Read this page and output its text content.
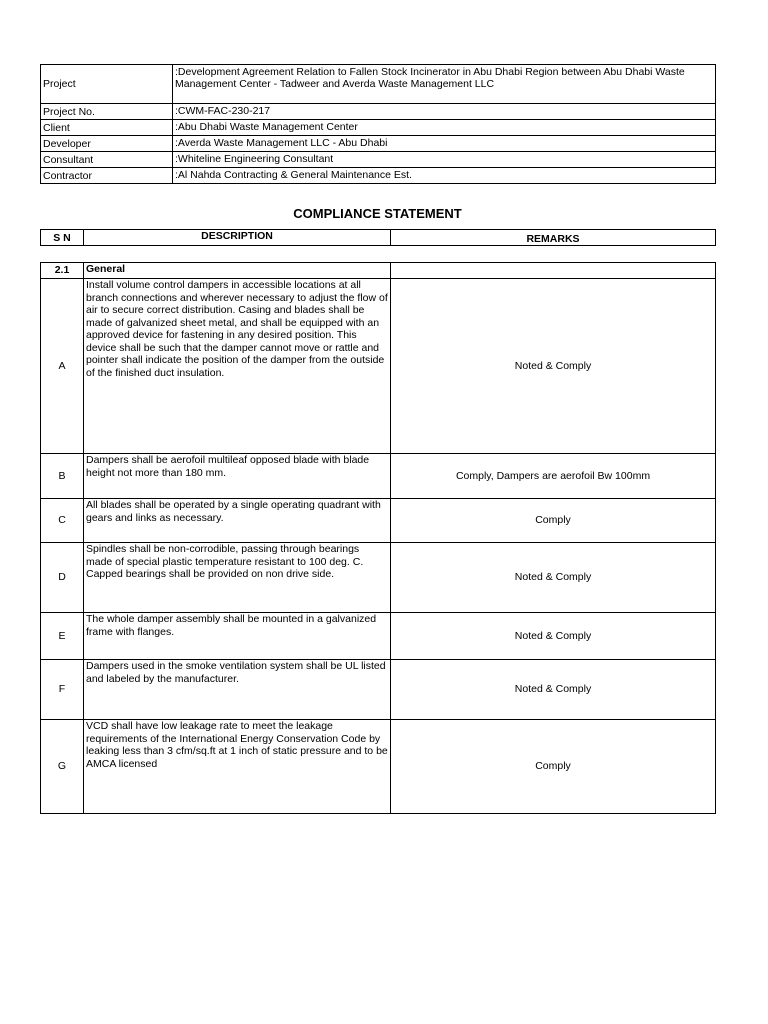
Project	:Development Agreement Relation to Fallen Stock Incinerator in Abu Dhabi Region between Abu Dhabi Waste Management Center - Tadweer and Averda Waste Management LLC
Project No.	:CWM-FAC-230-217
Client	:Abu Dhabi Waste Management Center
Developer	:Averda Waste Management LLC - Abu Dhabi
Consultant	:Whiteline Engineering Consultant
Contractor	:Al Nahda Contracting & General Maintenance Est.
COMPLIANCE STATEMENT
S N	DESCRIPTION	REMARKS
2.1	General	
A	Install volume control dampers in accessible locations at all branch connections and wherever necessary to adjust the flow of air to secure correct distribution. Casing and blades shall be made of galvanized sheet metal, and shall be equipped with an approved device for fastening in any desired position. This device shall be such that the damper cannot move or rattle and pointer shall indicate the position of the damper from the outside of the finished duct insulation.	Noted & Comply
B	Dampers shall be aerofoil multileaf opposed blade with blade height not more than 180 mm.	Comply, Dampers are aerofoil Bw 100mm
C	All blades shall be operated by a single operating quadrant with gears and links as necessary.	Comply
D	Spindles shall be non-corrodible, passing through bearings made of special plastic temperature resistant to 100 deg. C. Capped bearings shall be provided on non drive side.	Noted & Comply
E	The whole damper assembly shall be mounted in a galvanized frame with flanges.	Noted & Comply
F	Dampers used in the smoke ventilation system shall be UL listed and labeled by the manufacturer.	Noted & Comply
G	VCD shall have low leakage rate to meet the leakage requirements of the International Energy Conservation Code by leaking less than 3 cfm/sq.ft at 1 inch of static pressure and to be AMCA licensed	Comply
